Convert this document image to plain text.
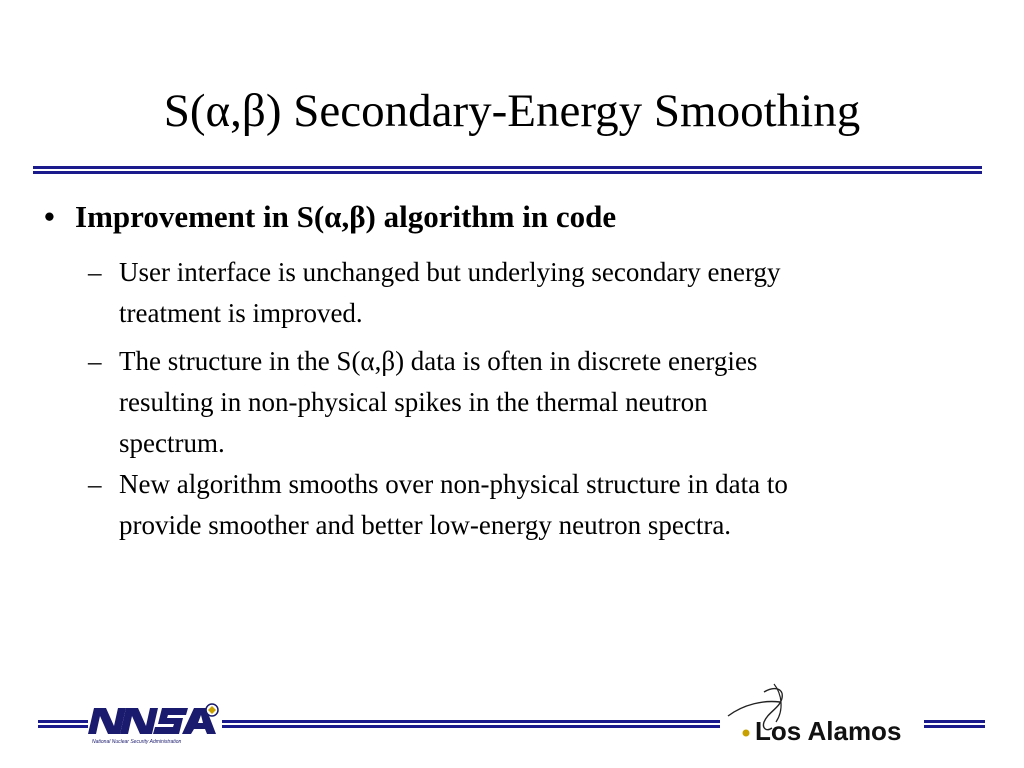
S(α,β) Secondary-Energy Smoothing
• Improvement in S(α,β) algorithm in code
– User interface is unchanged but underlying secondary energy
treatment is improved.
– The structure in the S(α,β) data is often in discrete energies
resulting in non-physical spikes in the thermal neutron
spectrum.
– New algorithm smooths over non-physical structure in data to
provide smoother and better low-energy neutron spectra.
National Nuclear Security Administration	Los Alamos
